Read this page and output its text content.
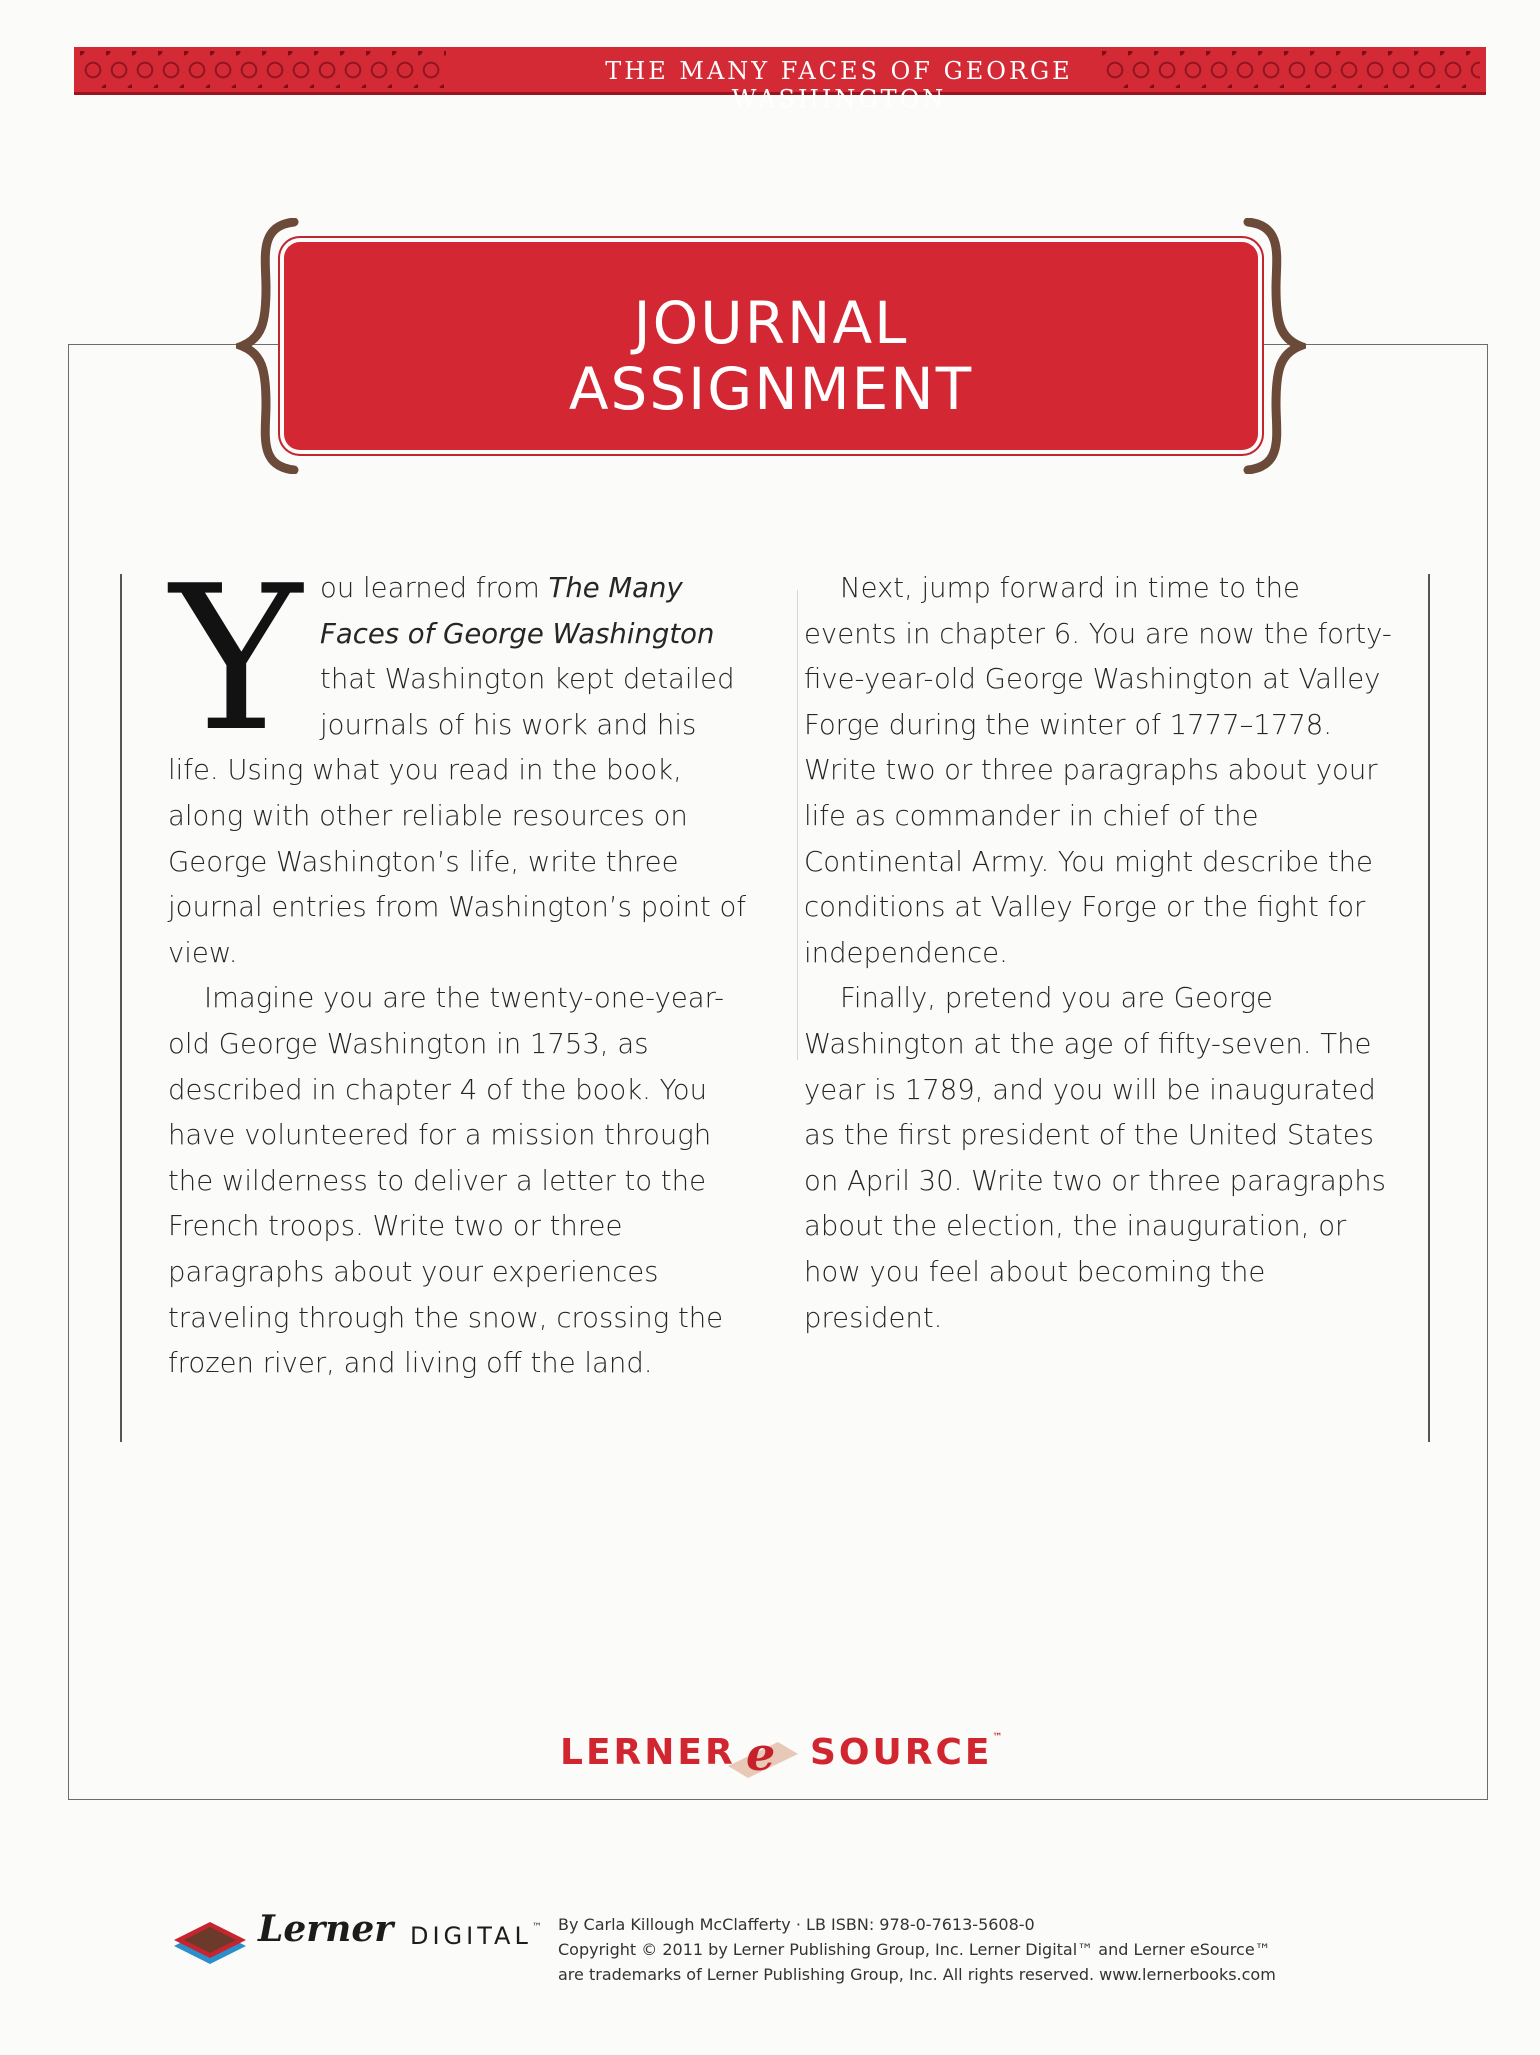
THE MANY FACES OF GEORGE WASHINGTON
JOURNAL
ASSIGNMENT

You learned from The Many Faces of George Washington that Washington kept detailed journals of his work and his life. Using what you read in the book, along with other reliable resources on George Washington’s life, write three journal entries from Washington’s point of view.

Imagine you are the twenty-one-year-old George Washington in 1753, as described in chapter 4 of the book. You have volunteered for a mission through the wilderness to deliver a letter to the French troops. Write two or three paragraphs about your experiences traveling through the snow, crossing the frozen river, and living off the land.

Next, jump forward in time to the events in chapter 6. You are now the forty-five-year-old George Washington at Valley Forge during the winter of 1777–1778. Write two or three paragraphs about your life as commander in chief of the Continental Army. You might describe the conditions at Valley Forge or the fight for independence.

Finally, pretend you are George Washington at the age of fifty-seven. The year is 1789, and you will be inaugurated as the first president of the United States on April 30. Write two or three paragraphs about the election, the inauguration, or how you feel about becoming the president.

LERNER e SOURCE™
Lerner DIGITAL™ By Carla Killough McClafferty · LB ISBN: 978-0-7613-5608-0
Copyright © 2011 by Lerner Publishing Group, Inc. Lerner Digital™ and Lerner eSource™
are trademarks of Lerner Publishing Group, Inc. All rights reserved. www.lernerbooks.com
